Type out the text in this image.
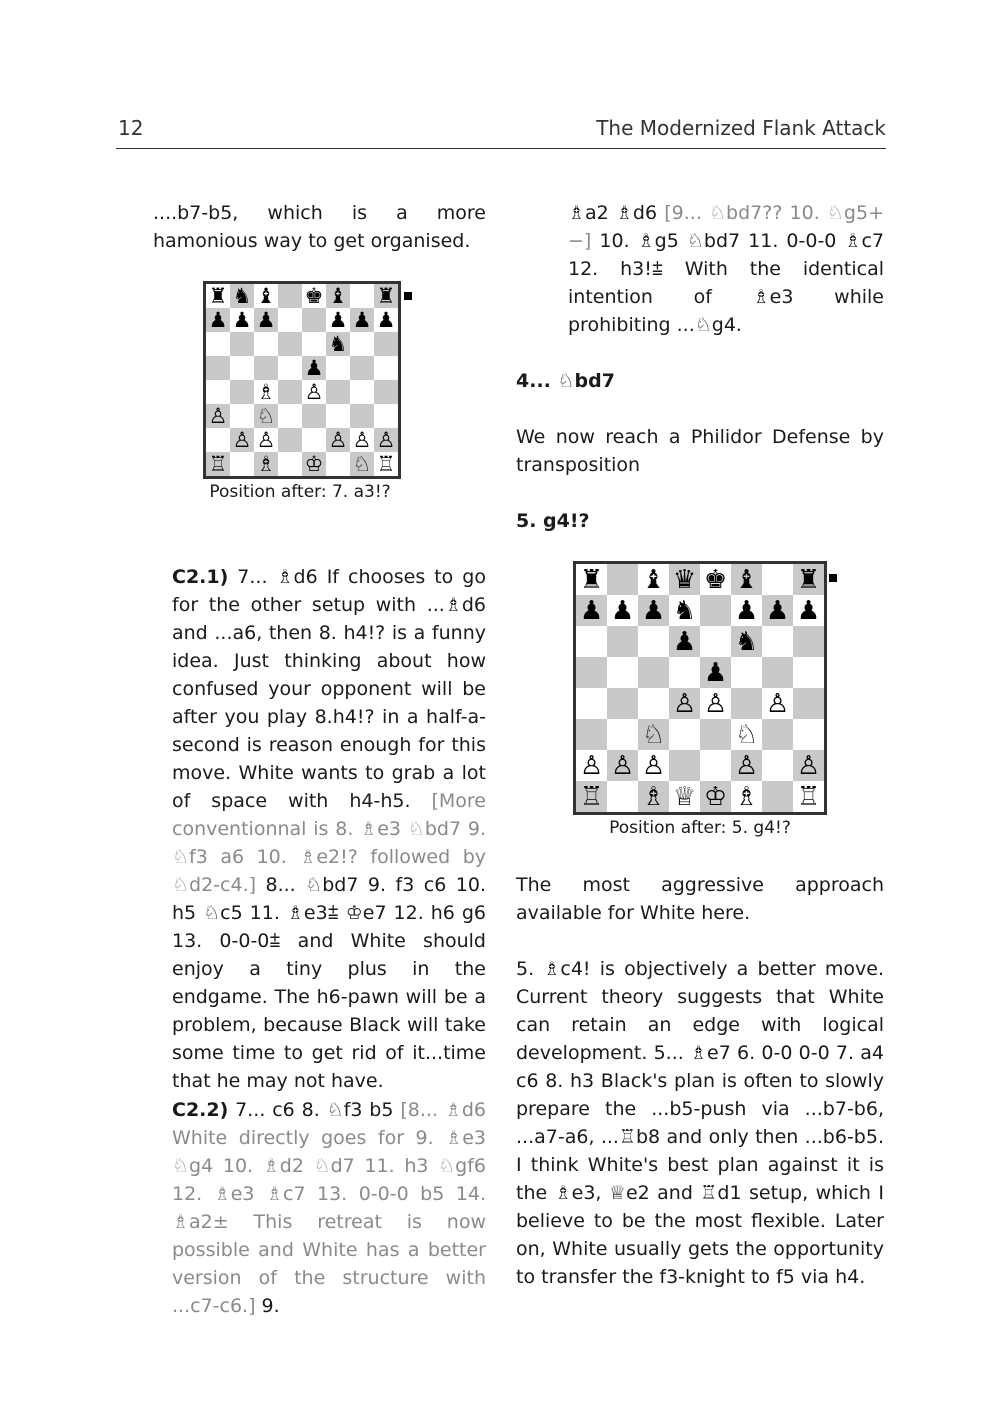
12	The Modernized Flank Attack

....b7-b5, which is a more hamonious way to get organised.

♜ ♞ ♝ ♚ ♝ ♜
♟ ♟ ♟	♟ ♟ ♟
♞
♟
♗ ♙
♙ ♘
♙ ♙	♙ ♙ ♙
♖ ♗ ♔ ♘ ♖
Position after: 7. a3!?

C2.1) 7... ♗d6 If chooses to go for the other setup with ...♗d6 and ...a6, then 8. h4!? is a funny idea. Just thinking about how confused your opponent will be after you play 8.h4!? in a half-a-second is reason enough for this move. White wants to grab a lot of space with h4-h5. [More conventionnal is 8. ♗e3 ♘bd7 9. ♘f3 a6 10. ♗e2!? followed by ♘d2-c4.] 8... ♘bd7 9. f3 c6 10. h5 ♘c5 11. ♗e3⩲ ♔e7 12. h6 g6 13. 0-0-0⩲ and White should enjoy a tiny plus in the endgame. The h6-pawn will be a problem, because Black will take some time to get rid of it...time that he may not have.

C2.2) 7... c6 8. ♘f3 b5 [8... ♗d6 White directly goes for 9. ♗e3 ♘g4 10. ♗d2 ♘d7 11. h3 ♘gf6 12. ♗e3 ♗c7 13. 0-0-0 b5 14. ♗a2± This retreat is now possible and White has a better version of the structure with ...c7-c6.] 9.

♗a2 ♗d6 [9... ♘bd7?? 10. ♘g5+−] 10. ♗g5 ♘bd7 11. 0-0-0 ♗c7 12. h3!⩲ With the identical intention of ♗e3 while prohibiting ...♘g4.

4... ♘bd7

We now reach a Philidor Defense by transposition

5. g4!?
♜ ♝ ♛ ♚ ♝ ♜
♟ ♟ ♟ ♞ ♟ ♟ ♟
♟ ♞
♟
♙ ♙ ♙
♘	♘
♙ ♙ ♙	♙ ♙
♖ ♗ ♕ ♔ ♗ ♖
Position after: 5. g4!?

The most aggressive approach available for White here.

5. ♗c4! is objectively a better move. Current theory suggests that White can retain an edge with logical development. 5... ♗e7 6. 0-0 0-0 7. a4 c6 8. h3 Black's plan is often to slowly prepare the ...b5-push via ...b7-b6, ...a7-a6, ...♖b8 and only then ...b6-b5. I think White's best plan against it is the ♗e3, ♕e2 and ♖d1 setup, which I believe to be the most flexible. Later on, White usually gets the opportunity to transfer the f3-knight to f5 via h4.
